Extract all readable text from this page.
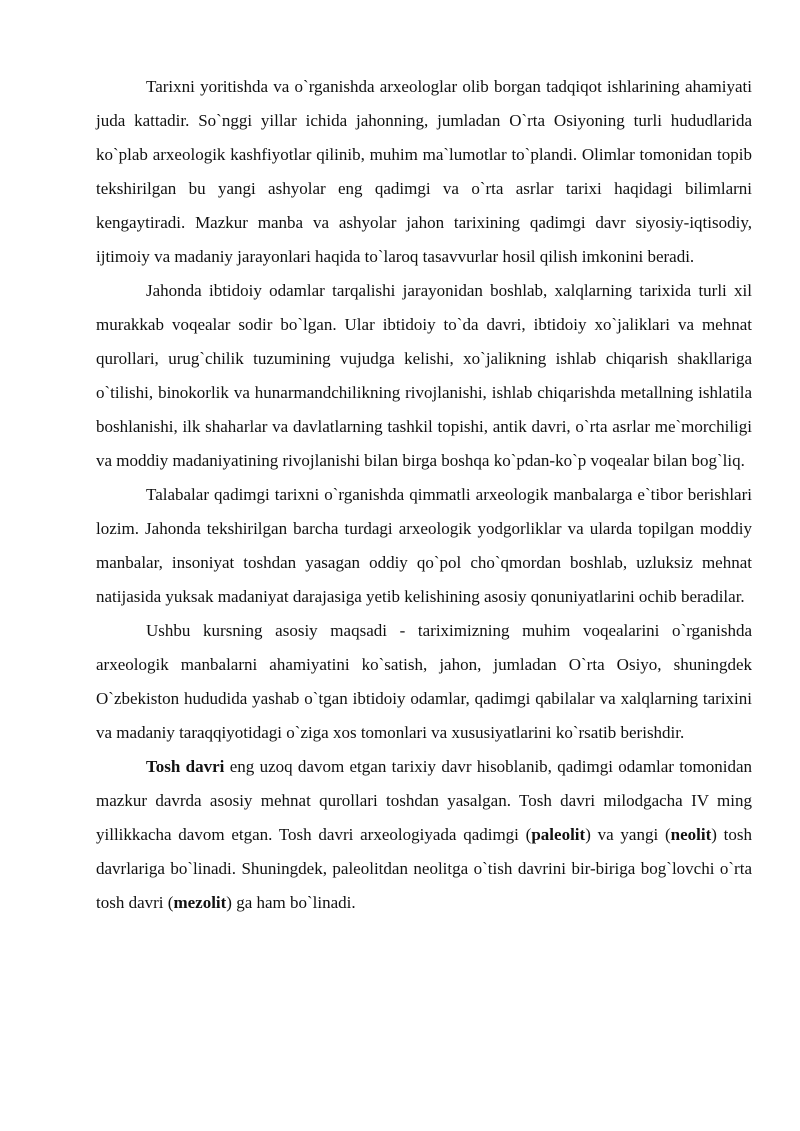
Tarixni yoritishda va o`rganishda arxeologlar olib borgan tadqiqot ishlarining ahamiyati juda kattadir. So`nggi yillar ichida jahonning, jumladan O`rta Osiyoning turli hududlarida ko`plab arxeologik kashfiyotlar qilinib, muhim ma`lumotlar to`plandi. Olimlar tomonidan topib tekshirilgan bu yangi ashyolar eng qadimgi va o`rta asrlar tarixi haqidagi bilimlarni kengaytiradi. Mazkur manba va ashyolar jahon tarixining qadimgi davr siyosiy-iqtisodiy, ijtimoiy va madaniy jarayonlari haqida to`laroq tasavvurlar hosil qilish imkonini beradi.

Jahonda ibtidoiy odamlar tarqalishi jarayonidan boshlab, xalqlarning tarixida turli xil murakkab voqealar sodir bo`lgan. Ular ibtidoiy to`da davri, ibtidoiy xo`jaliklari va mehnat qurollari, urug`chilik tuzumining vujudga kelishi, xo`jalikning ishlab chiqarish shakllariga o`tilishi, binokorlik va hunarmandchilikning rivojlanishi, ishlab chiqarishda metallning ishlatila boshlanishi, ilk shaharlar va davlatlarning tashkil topishi, antik davri, o`rta asrlar me`morchiligi va moddiy madaniyatining rivojlanishi bilan birga boshqa ko`pdan-ko`p voqealar bilan bog`liq.

Talabalar qadimgi tarixni o`rganishda qimmatli arxeologik manbalarga e`tibor berishlari lozim. Jahonda tekshirilgan barcha turdagi arxeologik yodgorliklar va ularda topilgan moddiy manbalar, insoniyat toshdan yasagan oddiy qo`pol cho`qmordan boshlab, uzluksiz mehnat natijasida yuksak madaniyat darajasiga yetib kelishining asosiy qonuniyatlarini ochib beradilar.

Ushbu kursning asosiy maqsadi - tariximizning muhim voqealarini o`rganishda arxeologik manbalarni ahamiyatini ko`satish, jahon, jumladan O`rta Osiyo, shuningdek O`zbekiston hududida yashab o`tgan ibtidoiy odamlar, qadimgi qabilalar va xalqlarning tarixini va madaniy taraqqiyotidagi o`ziga xos tomonlari va xususiyatlarini ko`rsatib berishdir.

Tosh davri eng uzoq davom etgan tarixiy davr hisoblanib, qadimgi odamlar tomonidan mazkur davrda asosiy mehnat qurollari toshdan yasalgan. Tosh davri milodgacha IV ming yillikkacha davom etgan. Tosh davri arxeologiyada qadimgi (paleolit) va yangi (neolit) tosh davrlariga bo`linadi. Shuningdek, paleolitdan neolitga o`tish davrini bir-biriga bog`lovchi o`rta tosh davri (mezolit) ga ham bo`linadi.
